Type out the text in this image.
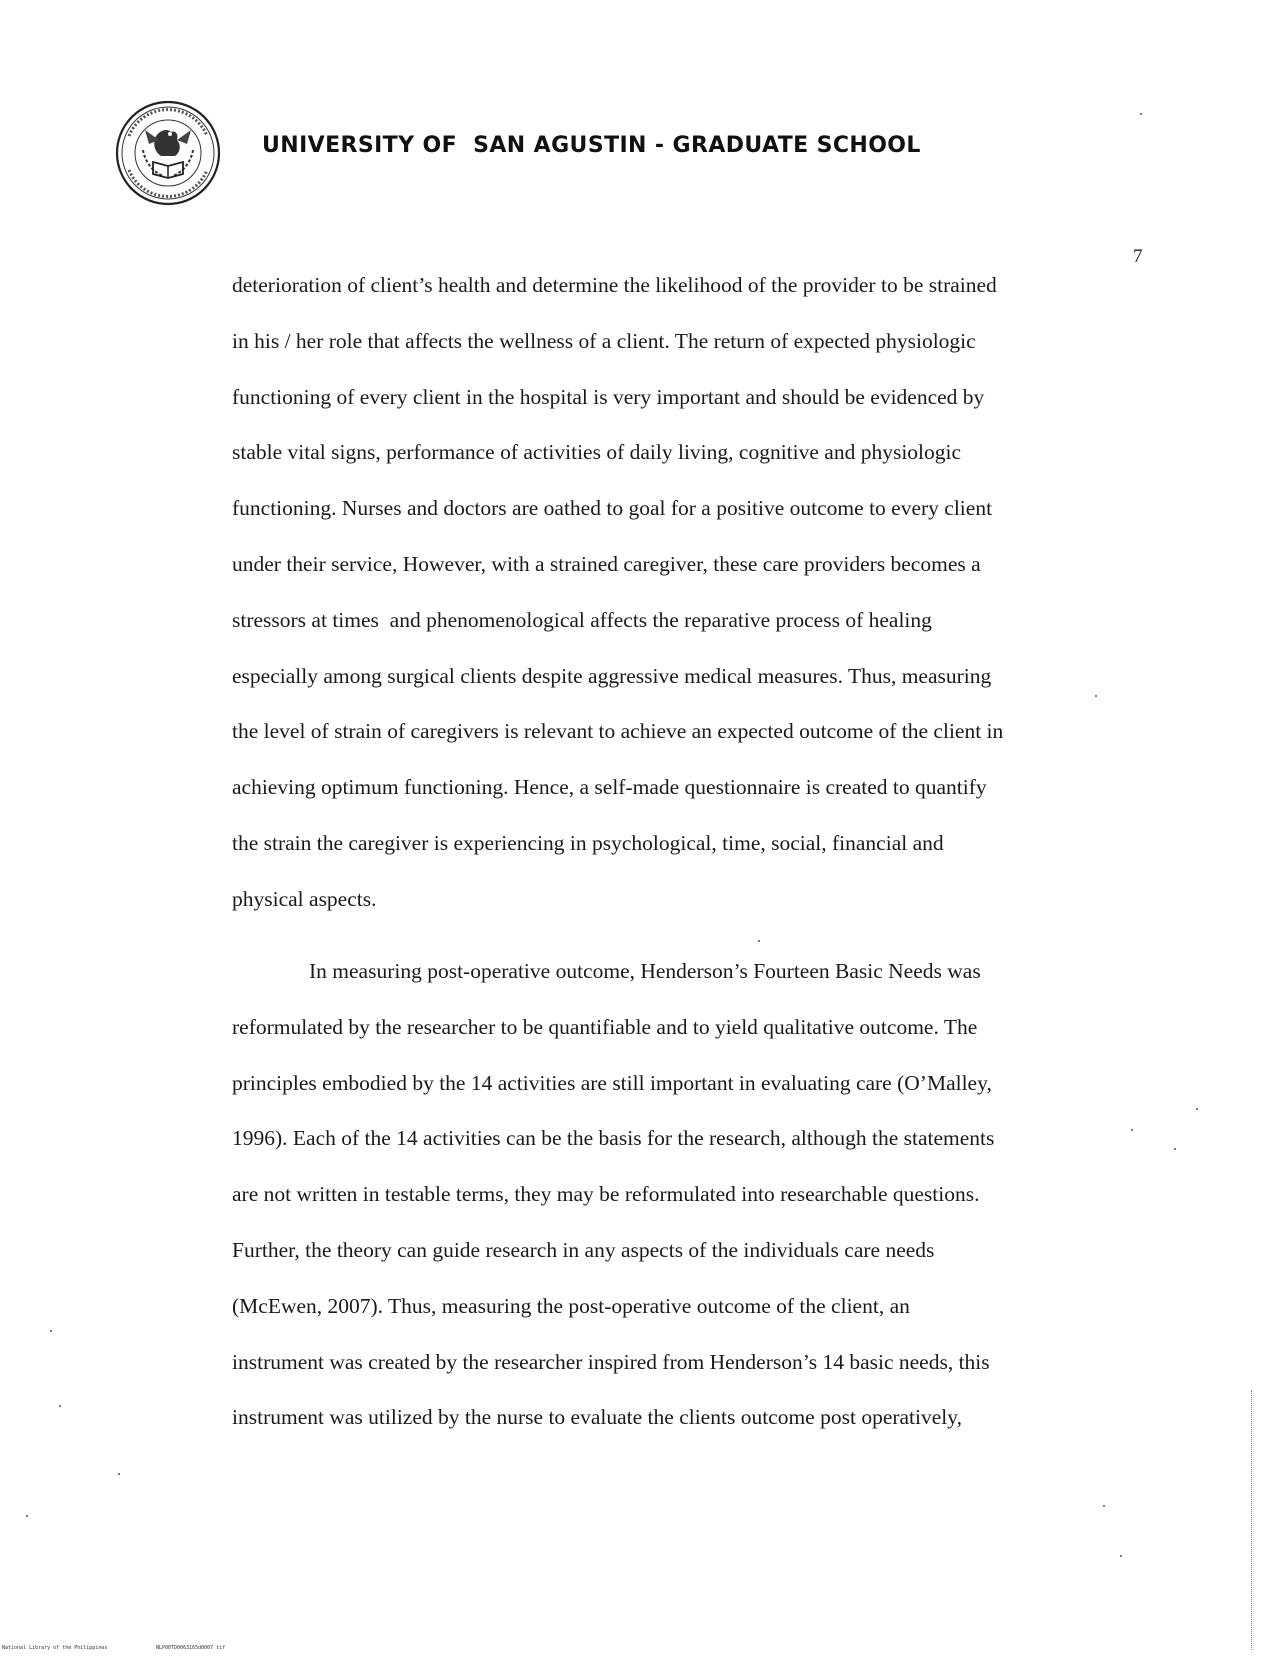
UNIVERSITY OF  SAN AGUSTIN - GRADUATE SCHOOL
7
deterioration of client’s health and determine the likelihood of the provider to be strained
in his / her role that affects the wellness of a client. The return of expected physiologic
functioning of every client in the hospital is very important and should be evidenced by
stable vital signs, performance of activities of daily living, cognitive and physiologic
functioning. Nurses and doctors are oathed to goal for a positive outcome to every client
under their service, However, with a strained caregiver, these care providers becomes a
stressors at times  and phenomenological affects the reparative process of healing
especially among surgical clients despite aggressive medical measures. Thus, measuring
the level of strain of caregivers is relevant to achieve an expected outcome of the client in
achieving optimum functioning. Hence, a self-made questionnaire is created to quantify
the strain the caregiver is experiencing in psychological, time, social, financial and
physical aspects.
In measuring post-operative outcome, Henderson’s Fourteen Basic Needs was
reformulated by the researcher to be quantifiable and to yield qualitative outcome. The
principles embodied by the 14 activities are still important in evaluating care (O’Malley,
1996). Each of the 14 activities can be the basis for the research, although the statements
are not written in testable terms, they may be reformulated into researchable questions.
Further, the theory can guide research in any aspects of the individuals care needs
(McEwen, 2007). Thus, measuring the post-operative outcome of the client, an
instrument was created by the researcher inspired from Henderson’s 14 basic needs, this
instrument was utilized by the nurse to evaluate the clients outcome post operatively,
National Library of the Philippines	NLP00TD0063165d0007 tif
